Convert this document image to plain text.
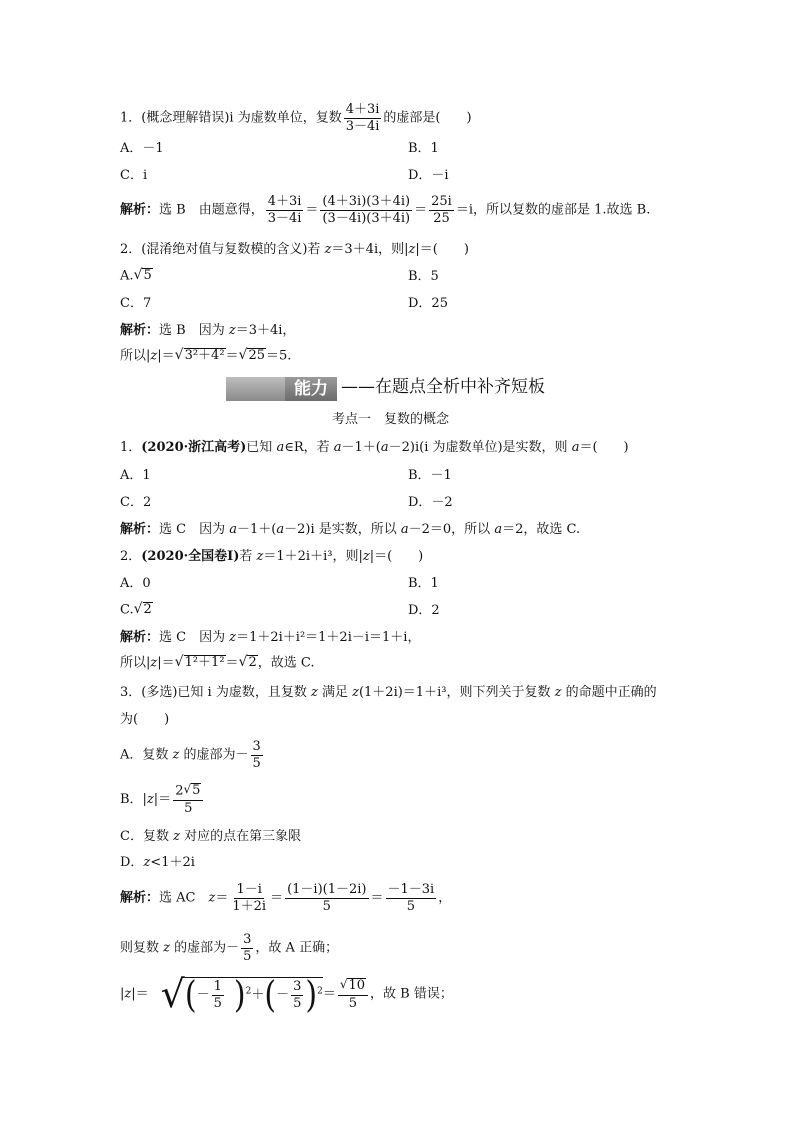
1．(概念理解错误)i 为虚数单位，复数 $\frac{4+3i}{3-4i}$ 的虚部是(　　)
A．－1	B．1
C．i	D．－i
解析：选 B　由题意得， $\frac{4+3i}{3-4i} = \frac{(4+3i)(3+4i)}{(3-4i)(3+4i)} = \frac{25i}{25} =i$，所以复数的虚部是 1.故选 B.
2．(混淆绝对值与复数模的含义)若 z＝3＋4i，则|z|＝(　　)
A. √ 5	B．5
C．7	D．25
解析：选 B　因为 z＝3＋4i，
所以|z|＝ √ 3²＋4² ＝ √ 25 ＝5.
能力 ——在题点全析中补齐短板
考点一　复数的概念
1．(2020·浙江高考)已知 a∈R，若 a－1＋(a－2)i(i 为虚数单位)是实数，则 a＝(　　)
A．1	B．－1
C．2	D．－2
解析：选 C　因为 a－1＋(a－2)i 是实数，所以 a－2＝0，所以 a＝2，故选 C.
2．(2020·全国卷Ⅰ)若 z＝1＋2i＋i³，则|z|＝(　　)
A．0	B．1
C. √ 2	D．2
解析：选 C　因为 z＝1＋2i＋i²＝1＋2i－i＝1＋i，
所以|z|＝ √ 1²＋1² ＝ √ 2 ，故选 C.
3．(多选)已知 i 为虚数，且复数 z 满足 z(1＋2i)＝1＋i³，则下列关于复数 z 的命题中正确的
为(　　)
A．复数 z 的虚部为－ $\frac{3}{5}$
B．$|z|= \frac{2 √ 5}{5}$
C．复数 z 对应的点在第三象限
D．z<1＋2i
解析：选 AC　$z= \frac{1-i}{1+2i} = \frac{(1-i)(1-2i)}{5} = \frac{-1-3i}{5}$ ，
则复数 z 的虚部为－ $\frac{3}{5}$ ，故 A 正确；
|z|＝ √(－ $\frac{1}{5} )^2+(- \frac{3}{5} )^2= \frac{√ 10}{5}$ ，故 B 错误；
